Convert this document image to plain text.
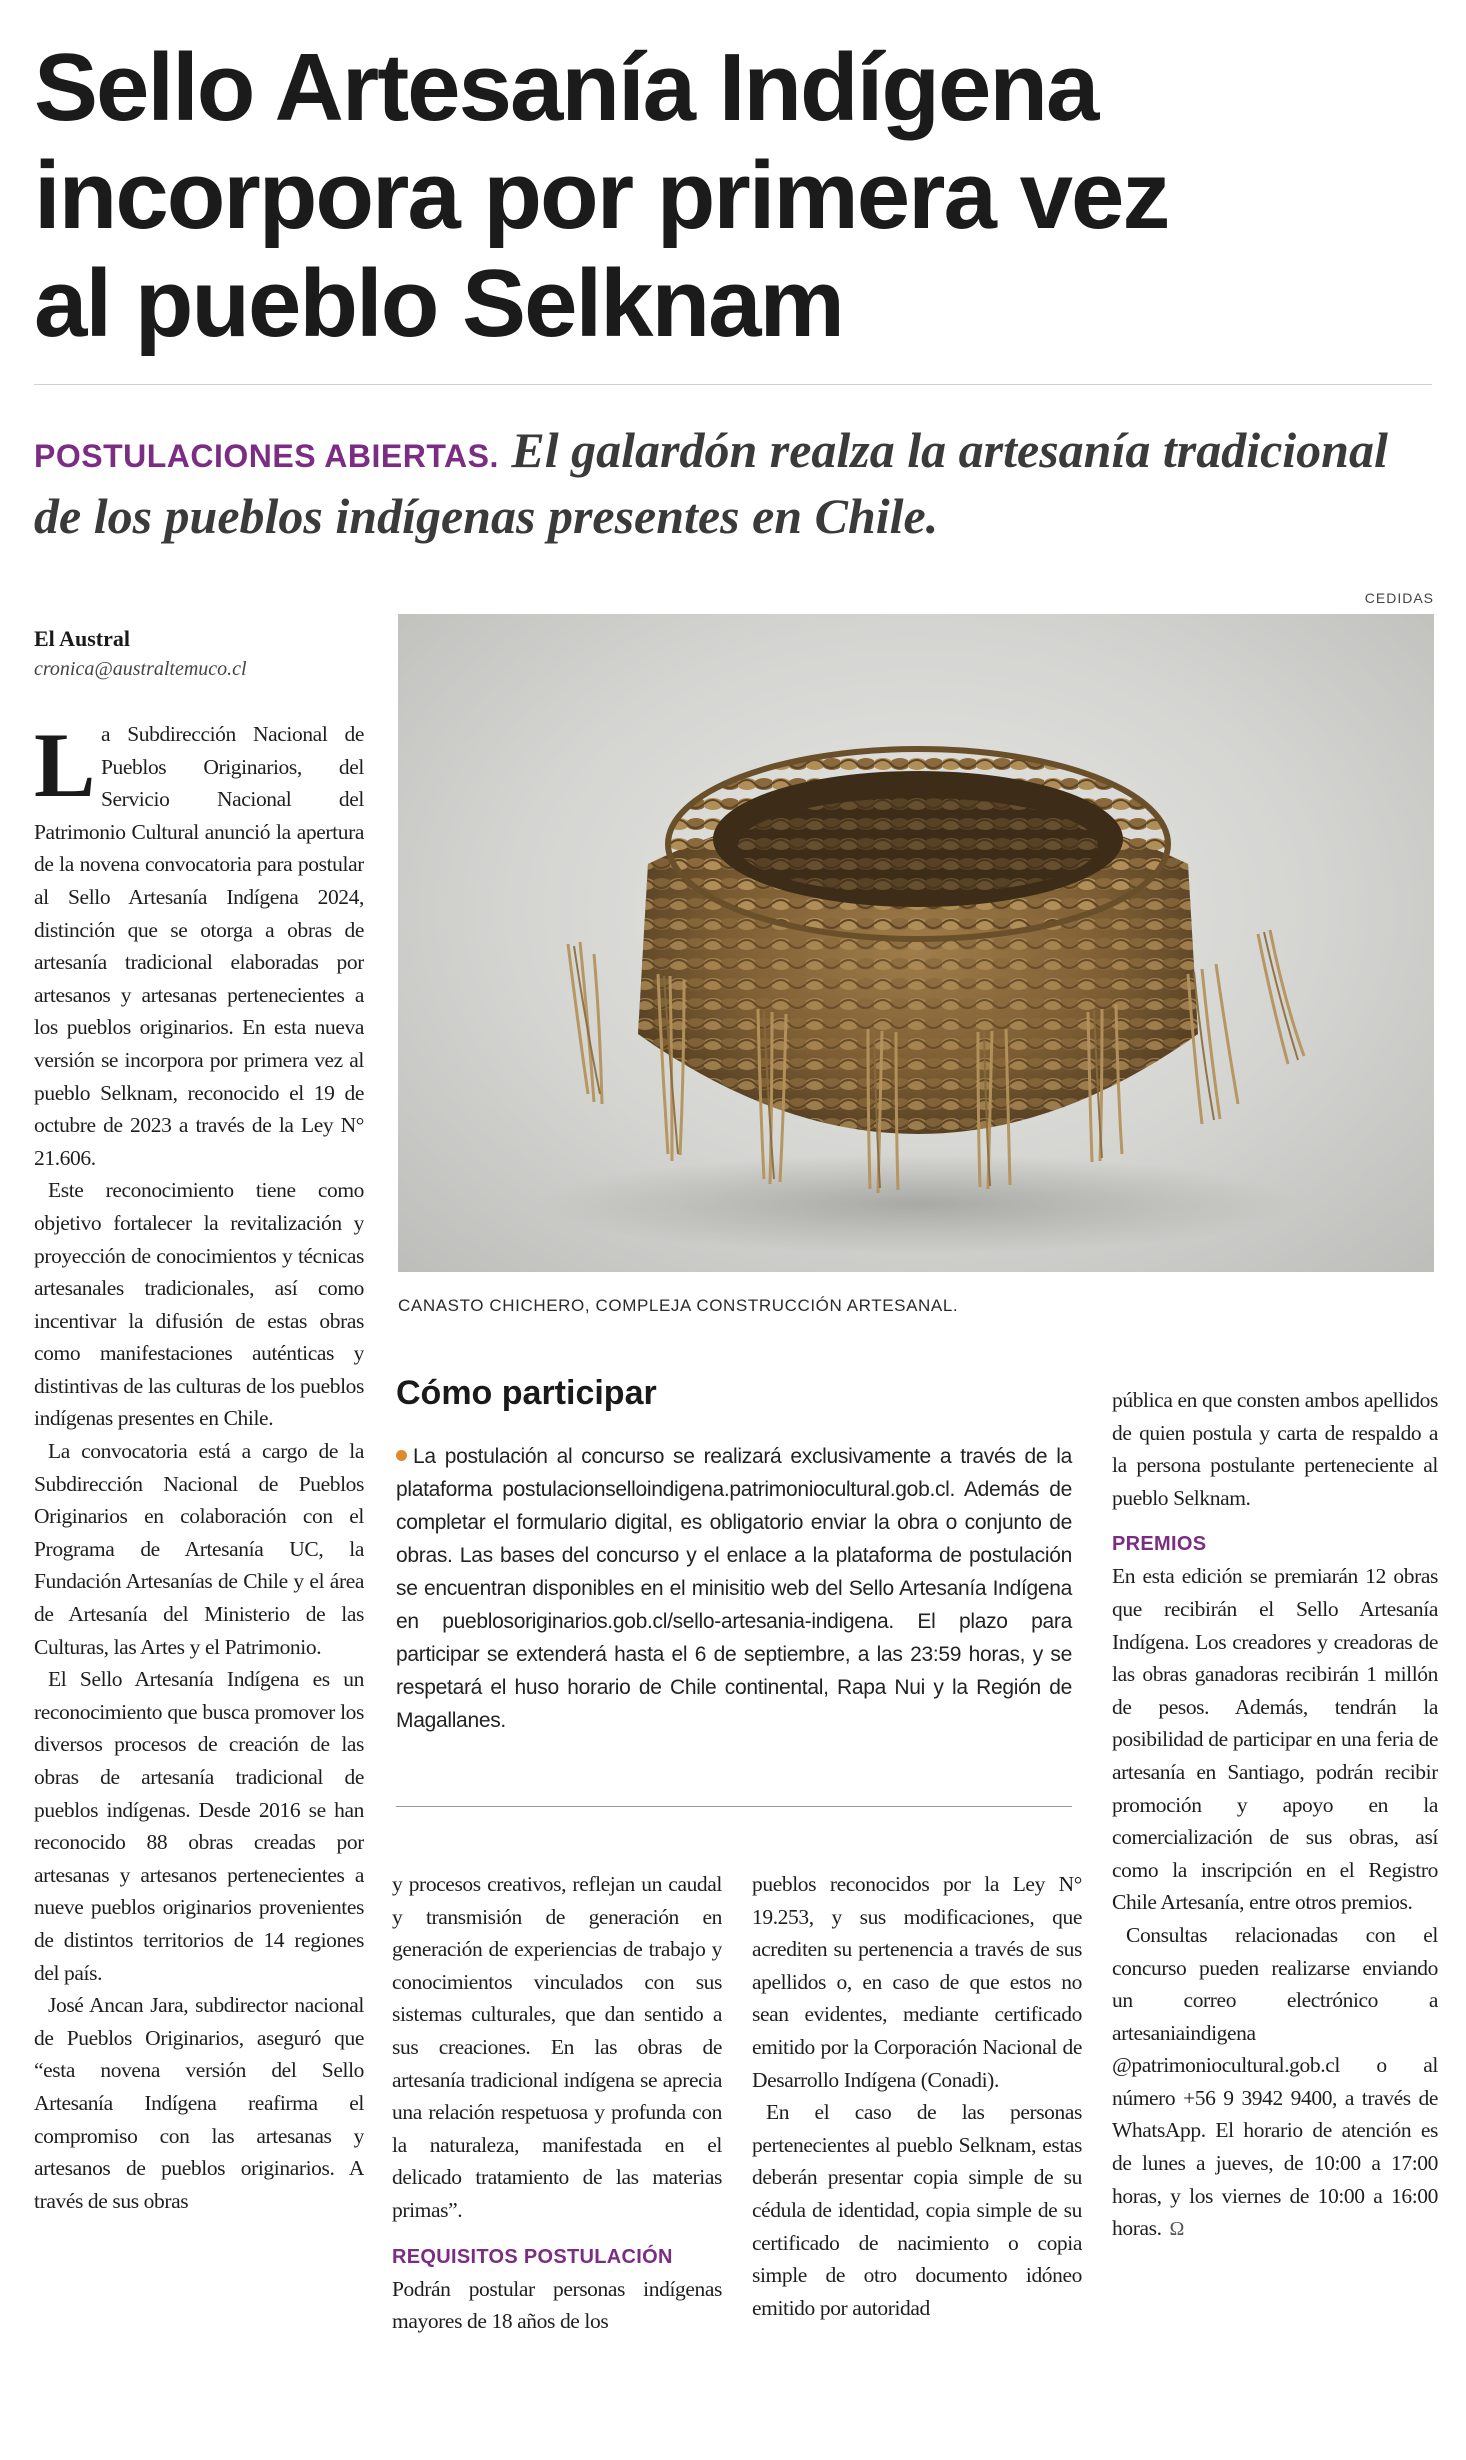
Sello Artesanía Indígena
incorpora por primera vez
al pueblo Selknam
POSTULACIONES ABIERTAS. El galardón realza la artesanía tradicional de los pueblos indígenas presentes en Chile.
CEDIDAS
El Austral
cronica@australtemuco.cl

La Subdirección Nacional de Pueblos Originarios, del Servicio Nacional del Patrimonio Cultural anunció la apertura de la novena convocatoria para postular al Sello Artesanía Indígena 2024, distinción que se otorga a obras de artesanía tradicional elaboradas por artesanos y artesanas pertenecientes a los pueblos originarios. En esta nueva versión se incorpora por primera vez al pueblo Selknam, reconocido el 19 de octubre de 2023 a través de la Ley N° 21.606.

Este reconocimiento tiene como objetivo fortalecer la revitalización y proyección de conocimientos y técnicas artesanales tradicionales, así como incentivar la difusión de estas obras como manifestaciones auténticas y distintivas de las culturas de los pueblos indígenas presentes en Chile.

La convocatoria está a cargo de la Subdirección Nacional de Pueblos Originarios en colaboración con el Programa de Artesanía UC, la Fundación Artesanías de Chile y el área de Artesanía del Ministerio de las Culturas, las Artes y el Patrimonio.

El Sello Artesanía Indígena es un reconocimiento que busca promover los diversos procesos de creación de las obras de artesanía tradicional de pueblos indígenas. Desde 2016 se han reconocido 88 obras creadas por artesanas y artesanos pertenecientes a nueve pueblos originarios provenientes de distintos territorios de 14 regiones del país.

José Ancan Jara, subdirector nacional de Pueblos Originarios, aseguró que “esta novena versión del Sello Artesanía Indígena reafirma el compromiso con las artesanas y artesanos de pueblos originarios. A través de sus obras

CANASTO CHICHERO, COMPLEJA CONSTRUCCIÓN ARTESANAL.
Cómo participar
La postulación al concurso se realizará exclusivamente a través de la plataforma postulacionselloindigena.patrimoniocultural.gob.cl. Además de completar el formulario digital, es obligatorio enviar la obra o conjunto de obras. Las bases del concurso y el enlace a la plataforma de postulación se encuentran disponibles en el minisitio web del Sello Artesanía Indígena en pueblosoriginarios.gob.cl/sello-artesania-indigena. El plazo para participar se extenderá hasta el 6 de septiembre, a las 23:59 horas, y se respetará el huso horario de Chile continental, Rapa Nui y la Región de Magallanes.

y procesos creativos, reflejan un caudal y transmisión de generación en generación de experiencias de trabajo y conocimientos vinculados con sus sistemas culturales, que dan sentido a sus creaciones. En las obras de artesanía tradicional indígena se aprecia una relación respetuosa y profunda con la naturaleza, manifestada en el delicado tratamiento de las materias primas”.

REQUISITOS POSTULACIÓN

Podrán postular personas indígenas mayores de 18 años de los

pueblos reconocidos por la Ley N° 19.253, y sus modificaciones, que acrediten su pertenencia a través de sus apellidos o, en caso de que estos no sean evidentes, mediante certificado emitido por la Corporación Nacional de Desarrollo Indígena (Conadi).

En el caso de las personas pertenecientes al pueblo Selknam, estas deberán presentar copia simple de su cédula de identidad, copia simple de su certificado de nacimiento o copia simple de otro documento idóneo emitido por autoridad

pública en que consten ambos apellidos de quien postula y carta de respaldo a la persona postulante perteneciente al pueblo Selknam.

PREMIOS

En esta edición se premiarán 12 obras que recibirán el Sello Artesanía Indígena. Los creadores y creadoras de las obras ganadoras recibirán 1 millón de pesos. Además, tendrán la posibilidad de participar en una feria de artesanía en Santiago, podrán recibir promoción y apoyo en la comercialización de sus obras, así como la inscripción en el Registro Chile Artesanía, entre otros premios.

Consultas relacionadas con el concurso pueden realizarse enviando un correo electrónico a artesaniaindigena @patrimoniocultural.gob.cl o al número +56 9 3942 9400, a través de WhatsApp. El horario de atención es de lunes a jueves, de 10:00 a 17:00 horas, y los viernes de 10:00 a 16:00 horas. Ω
